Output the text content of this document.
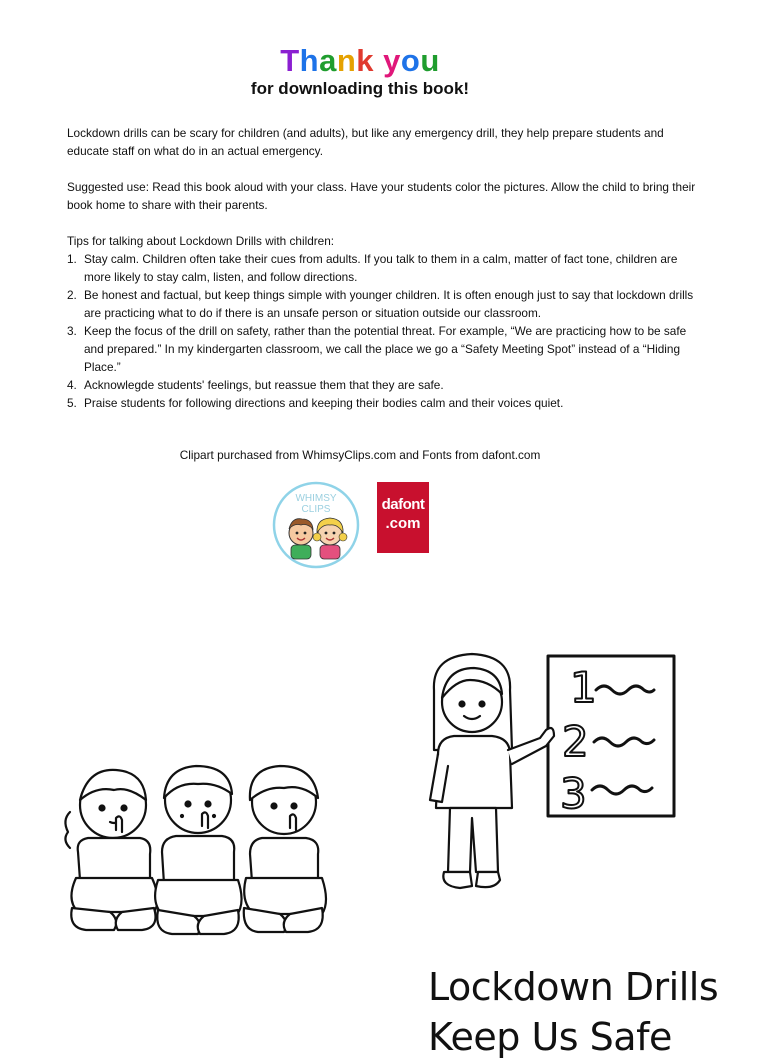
Thank you
for downloading this book!
Lockdown drills can be scary for children (and adults), but like any emergency drill, they help prepare students and educate staff on what do in an actual emergency.
Suggested use: Read this book aloud with your class. Have your students color the pictures. Allow the child to bring their book home to share with their parents.
Tips for talking about Lockdown Drills with children:
1. Stay calm. Children often take their cues from adults. If you talk to them in a calm, matter of fact tone, children are more likely to stay calm, listen, and follow directions.
2. Be honest and factual, but keep things simple with younger children. It is often enough just to say that lockdown drills are practicing what to do if there is an unsafe person or situation outside our classroom.
3. Keep the focus of the drill on safety, rather than the potential threat. For example, “We are practicing how to be safe and prepared.” In my kindergarten classroom, we call the place we go a “Safety Meeting Spot” instead of a “Hiding Place.”
4. Acknowlegde students' feelings, but reassue them that they are safe.
5. Praise students for following directions and keeping their bodies calm and their voices quiet.
Clipart purchased from WhimsyClips.com and Fonts from dafont.com
WHIMSY
CLIPS	dafont
.com
1
2
3
Lockdown Drills
Keep Us Safe
